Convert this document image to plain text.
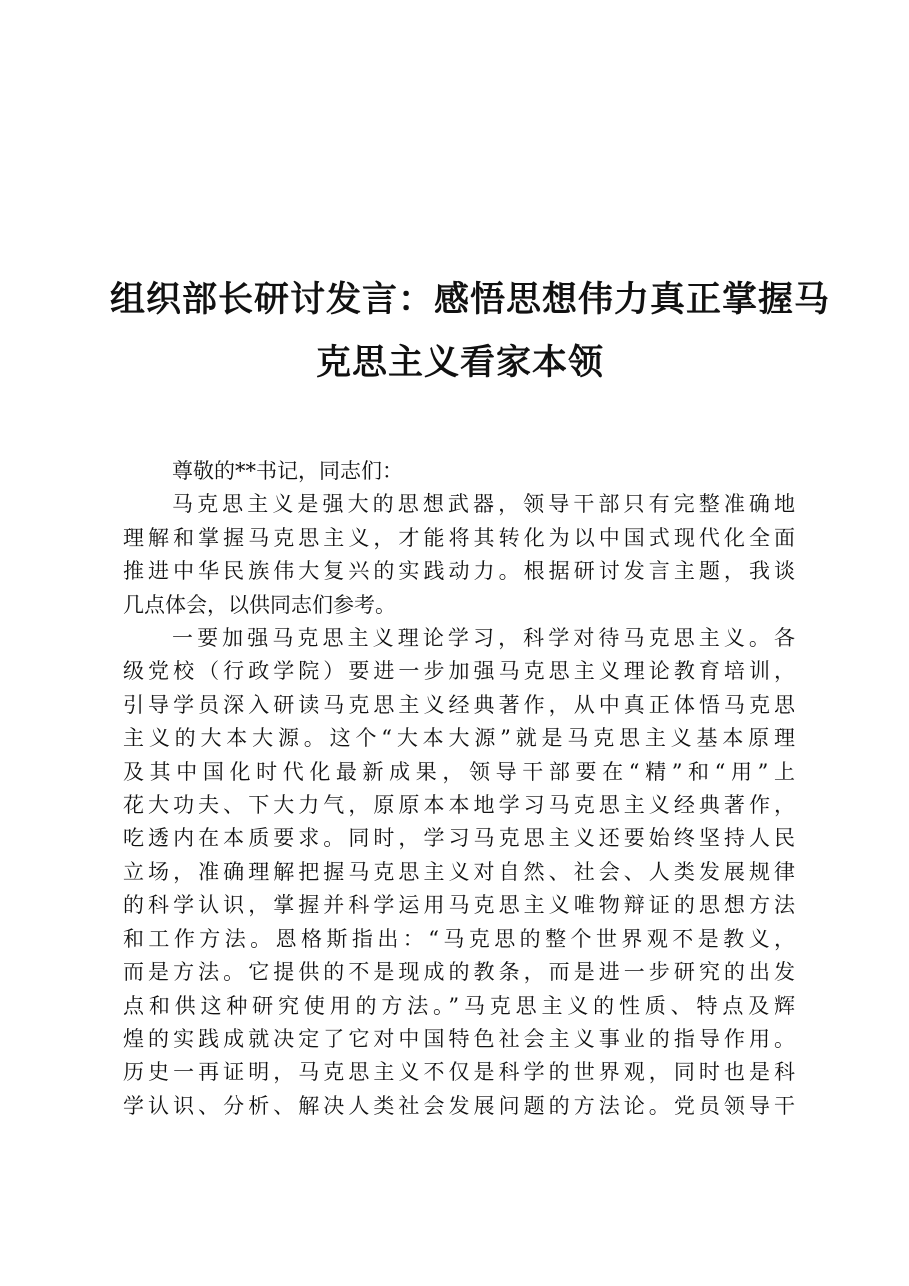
组织部长研讨发言：感悟思想伟力真正掌握马
克思主义看家本领

尊敬的**书记，同志们：

马克思主义是强大的思想武器，领导干部只有完整准确地
理解和掌握马克思主义，才能将其转化为以中国式现代化全面
推进中华民族伟大复兴的实践动力。根据研讨发言主题，我谈
几点体会，以供同志们参考。

一要加强马克思主义理论学习，科学对待马克思主义。各
级党校（行政学院）要进一步加强马克思主义理论教育培训，
引导学员深入研读马克思主义经典著作，从中真正体悟马克思
主义的大本大源。这个“大本大源”就是马克思主义基本原理
及其中国化时代化最新成果，领导干部要在“精”和“用”上
花大功夫、下大力气，原原本本地学习马克思主义经典著作，
吃透内在本质要求。同时，学习马克思主义还要始终坚持人民
立场，准确理解把握马克思主义对自然、社会、人类发展规律
的科学认识，掌握并科学运用马克思主义唯物辩证的思想方法
和工作方法。恩格斯指出：“马克思的整个世界观不是教义，
而是方法。它提供的不是现成的教条，而是进一步研究的出发
点和供这种研究使用的方法。”马克思主义的性质、特点及辉
煌的实践成就决定了它对中国特色社会主义事业的指导作用。
历史一再证明，马克思主义不仅是科学的世界观，同时也是科
学认识、分析、解决人类社会发展问题的方法论。党员领导干
